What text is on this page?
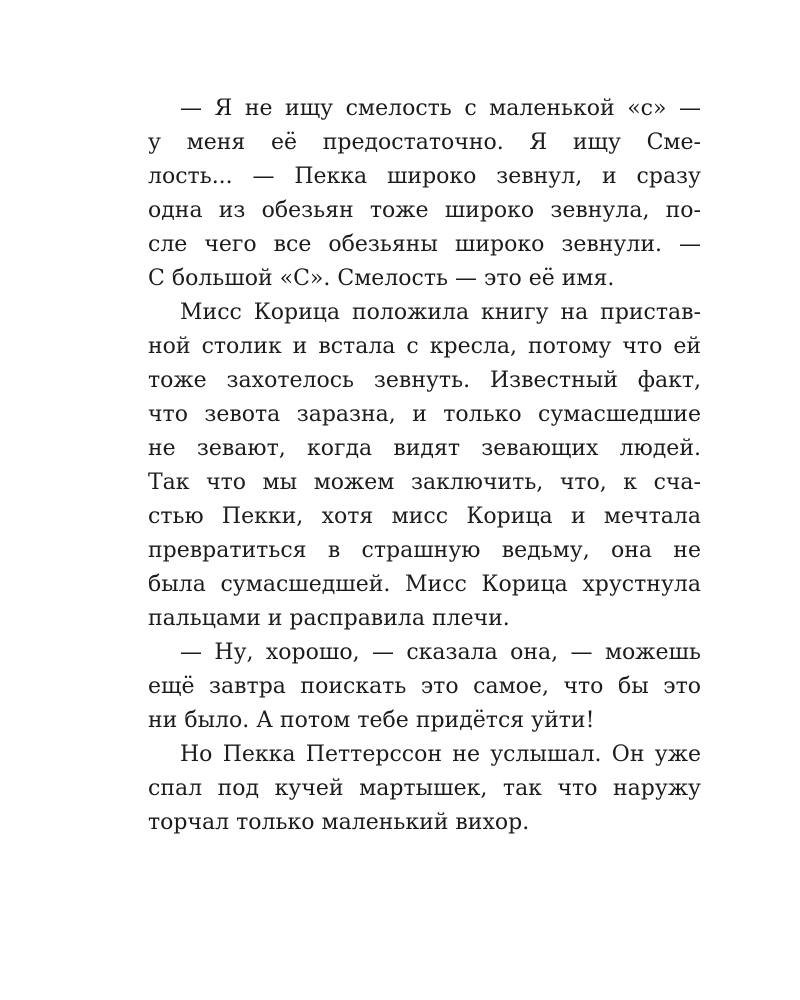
— Я не ищу смелость с маленькой «с» —
у меня её предостаточно. Я ищу Сме-
лость... — Пекка широко зевнул, и сразу
одна из обезьян тоже широко зевнула, по-
сле чего все обезьяны широко зевнули. —
С большой «С». Смелость — это её имя.
Мисс Корица положила книгу на пристав-
ной столик и встала с кресла, потому что ей
тоже захотелось зевнуть. Известный факт,
что зевота заразна, и только сумасшедшие
не зевают, когда видят зевающих людей.
Так что мы можем заключить, что, к сча-
стью Пекки, хотя мисс Корица и мечтала
превратиться в страшную ведьму, она не
была сумасшедшей. Мисс Корица хрустнула
пальцами и расправила плечи.
— Ну, хорошо, — сказала она, — можешь
ещё завтра поискать это самое, что бы это
ни было. А потом тебе придётся уйти!
Но Пекка Петтерссон не услышал. Он уже
спал под кучей мартышек, так что наружу
торчал только маленький вихор.
